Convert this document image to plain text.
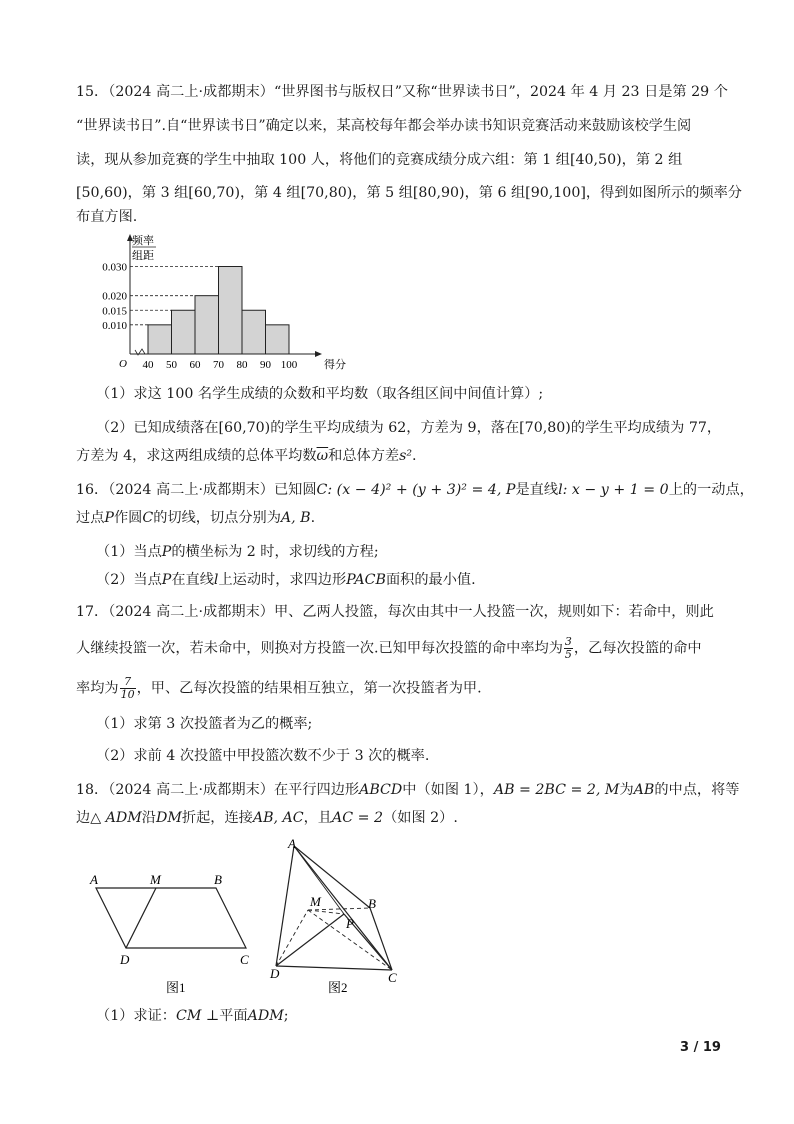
15．（2024 高二上·成都期末）“世界图书与版权日”又称“世界读书日”，2024 年 4 月 23 日是第 29 个
“世界读书日”.自“世界读书日”确定以来，某高校每年都会举办读书知识竞赛活动来鼓励该校学生阅
读，现从参加竞赛的学生中抽取 100 人，将他们的竞赛成绩分成六组：第 1 组[40,50)，第 2 组
[50,60)，第 3 组[60,70)，第 4 组[70,80)，第 5 组[80,90)，第 6 组[90,100]，得到如图所示的频率分
布直方图.
0.030
0.020
0.015
0.010
40 50 60 70 80 90 100
频率
组距
得分
O
（1）求这 100 名学生成绩的众数和平均数（取各组区间中间值计算）;
（2）已知成绩落在[60,70)的学生平均成绩为 62，方差为 9，落在[70,80)的学生平均成绩为 77，
方差为 4，求这两组成绩的总体平均数$\overline{\omega}$和总体方差s².
16．（2024 高二上·成都期末）已知圆C: (x − 4)² + (y + 3)² = 4, P是直线l: x − y + 1 = 0上的一动点，
过点P作圆C的切线，切点分别为A, B.
（1）当点P的横坐标为 2 时，求切线的方程;
（2）当点P在直线l上运动时，求四边形PACB面积的最小值.
17．（2024 高二上·成都期末）甲、乙两人投篮，每次由其中一人投篮一次，规则如下：若命中，则此
人继续投篮一次，若未命中，则换对方投篮一次.已知甲每次投篮的命中率均为 $\frac{3}{5}$ ，乙每次投篮的命中
率均为 $\frac{7}{10}$ ，甲、乙每次投篮的结果相互独立，第一次投篮者为甲.
（1）求第 3 次投篮者为乙的概率;
（2）求前 4 次投篮中甲投篮次数不少于 3 次的概率.
18．（2024 高二上·成都期末）在平行四边形ABCD中（如图 1），AB = 2BC = 2, M为AB的中点，将等
边△ ADM沿DM折起，连接AB, AC，且AC = 2（如图 2）.
A	M	B
D	C
图1
A
M	B
P
D	C
图2
（1）求证：CM ⊥平面ADM;
3 / 19
